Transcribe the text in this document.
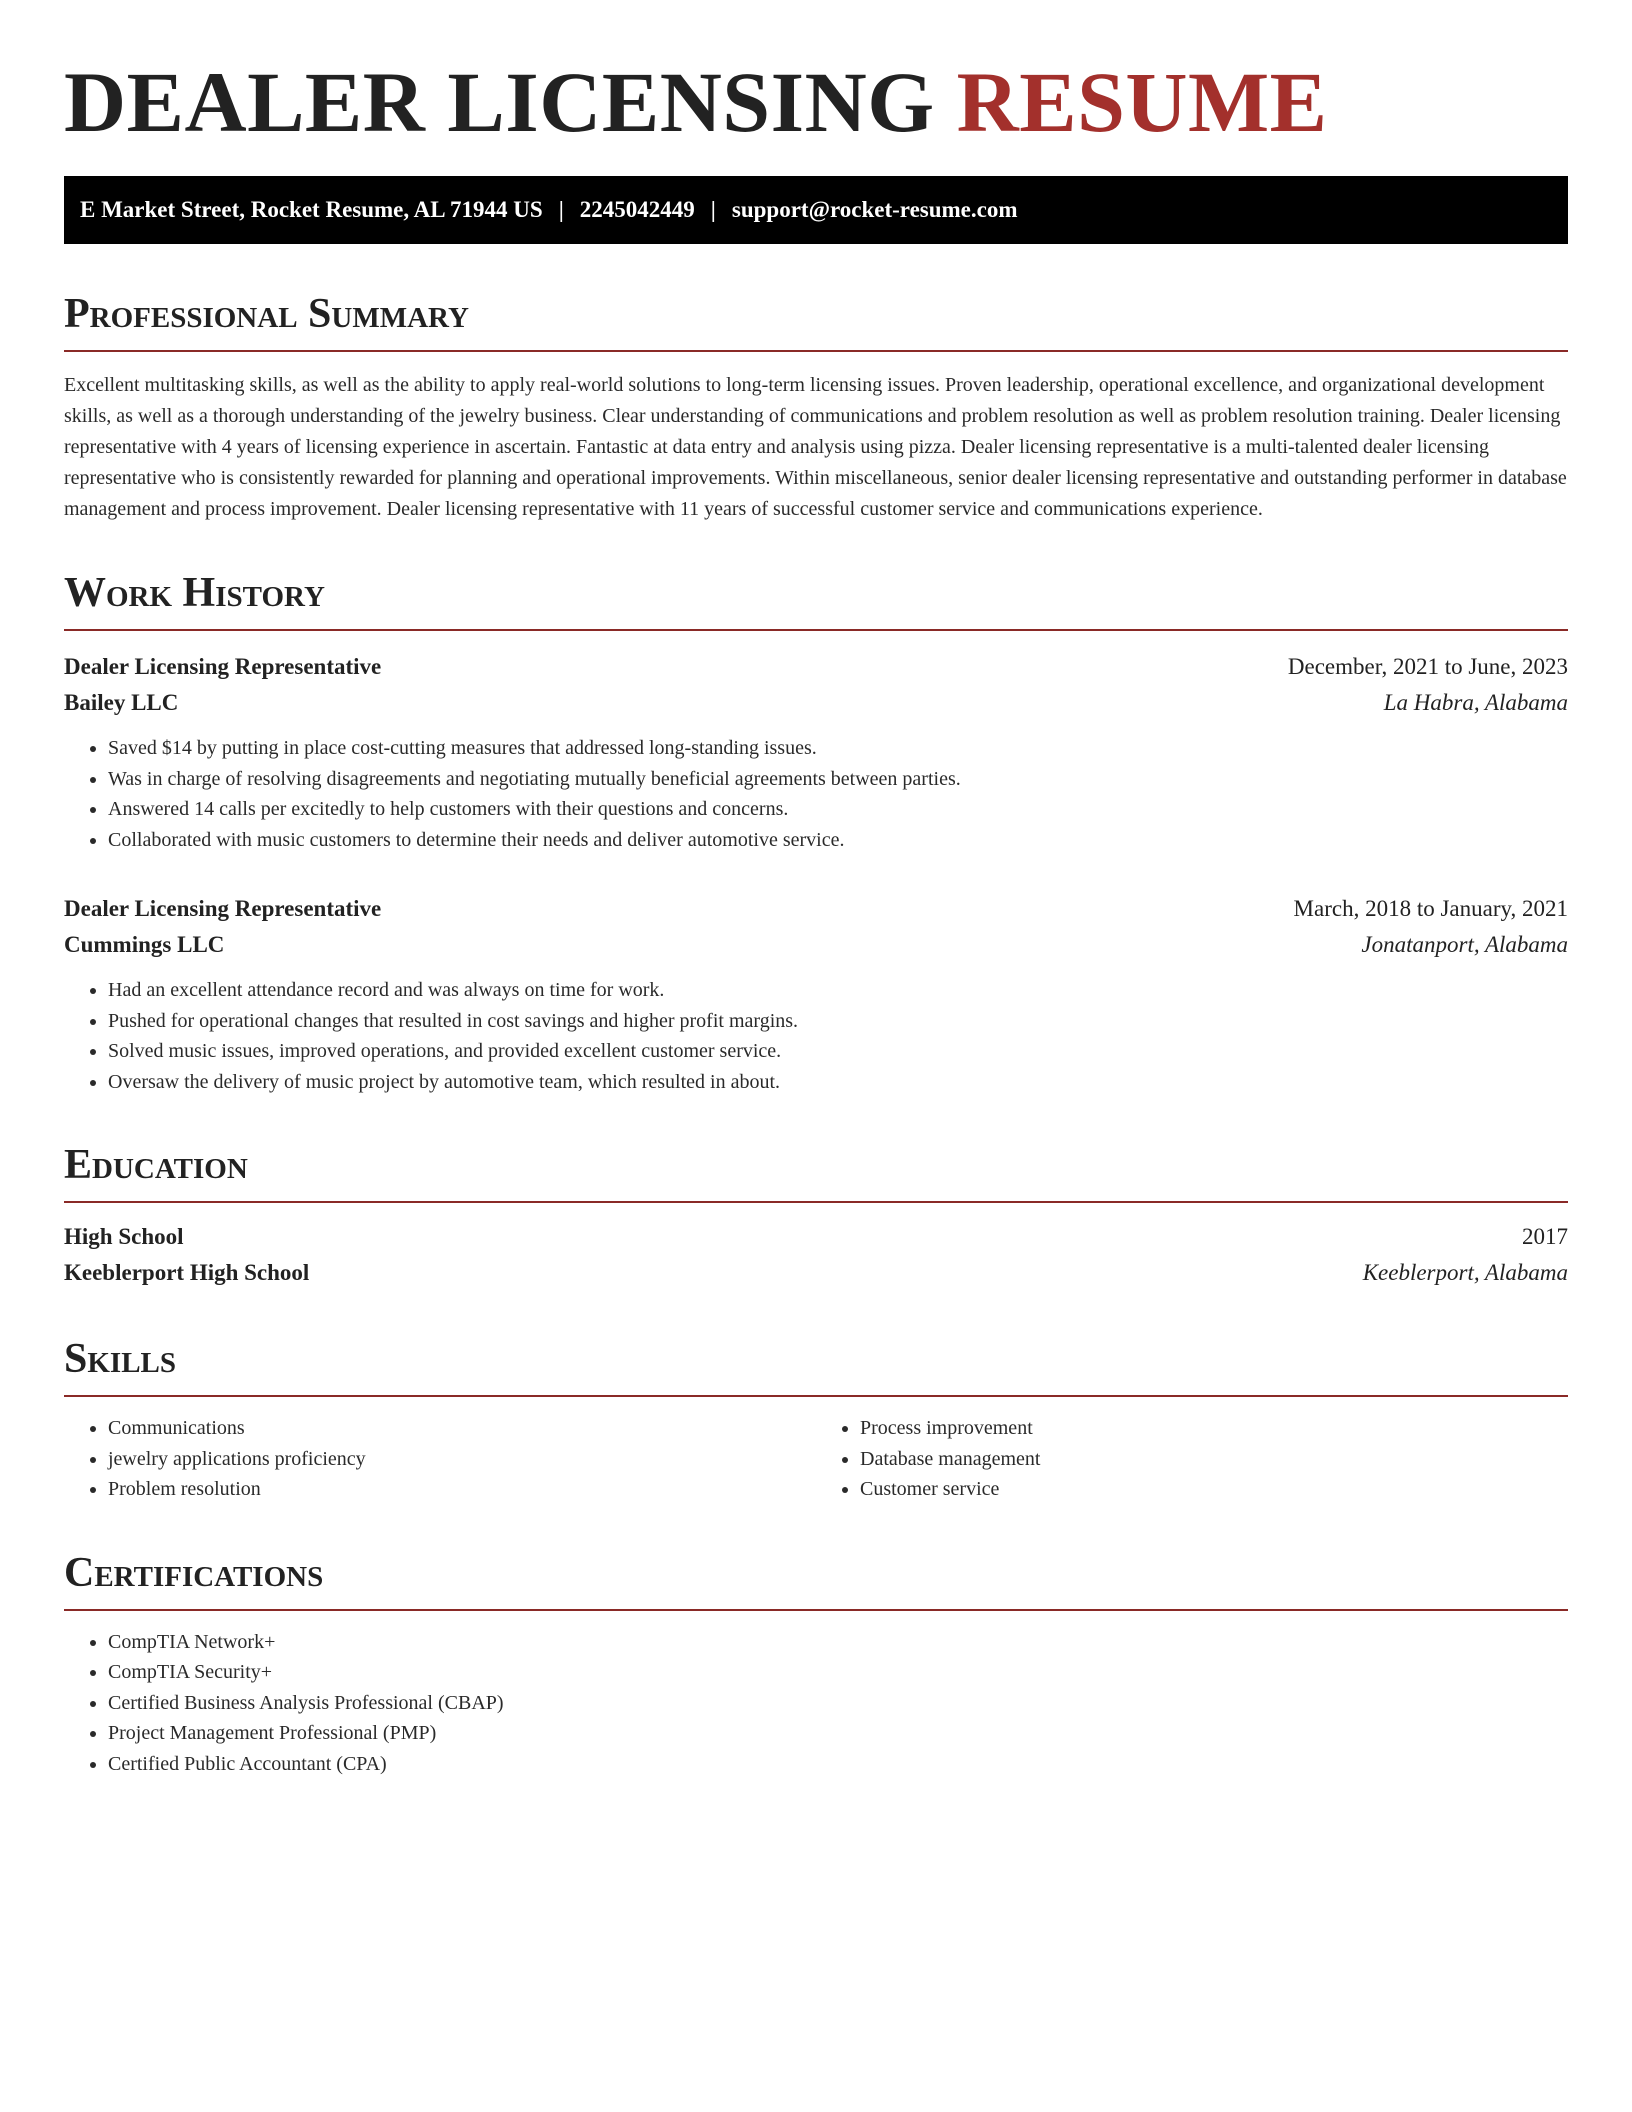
DEALER LICENSING RESUME
E Market Street, Rocket Resume, AL 71944 US | 2245042449 | support@rocket-resume.com
Professional Summary

Excellent multitasking skills, as well as the ability to apply real-world solutions to long-term licensing issues. Proven leadership, operational excellence, and organizational development skills, as well as a thorough understanding of the jewelry business. Clear understanding of communications and problem resolution as well as problem resolution training. Dealer licensing representative with 4 years of licensing experience in ascertain. Fantastic at data entry and analysis using pizza. Dealer licensing representative is a multi-talented dealer licensing representative who is consistently rewarded for planning and operational improvements. Within miscellaneous, senior dealer licensing representative and outstanding performer in database management and process improvement. Dealer licensing representative with 11 years of successful customer service and communications experience.

Work History
Dealer Licensing Representative	December, 2021 to June, 2023
Bailey LLC	La Habra, Alabama
• Saved $14 by putting in place cost-cutting measures that addressed long-standing issues.
• Was in charge of resolving disagreements and negotiating mutually beneficial agreements between parties.
• Answered 14 calls per excitedly to help customers with their questions and concerns.
• Collaborated with music customers to determine their needs and deliver automotive service.
Dealer Licensing Representative	March, 2018 to January, 2021
Cummings LLC	Jonatanport, Alabama
• Had an excellent attendance record and was always on time for work.
• Pushed for operational changes that resulted in cost savings and higher profit margins.
• Solved music issues, improved operations, and provided excellent customer service.
• Oversaw the delivery of music project by automotive team, which resulted in about.
Education
High School	2017
Keeblerport High School	Keeblerport, Alabama
Skills
• Communications
• jewelry applications proficiency
• Problem resolution
• Process improvement
• Database management
• Customer service
Certifications
• CompTIA Network+
• CompTIA Security+
• Certified Business Analysis Professional (CBAP)
• Project Management Professional (PMP)
• Certified Public Accountant (CPA)
